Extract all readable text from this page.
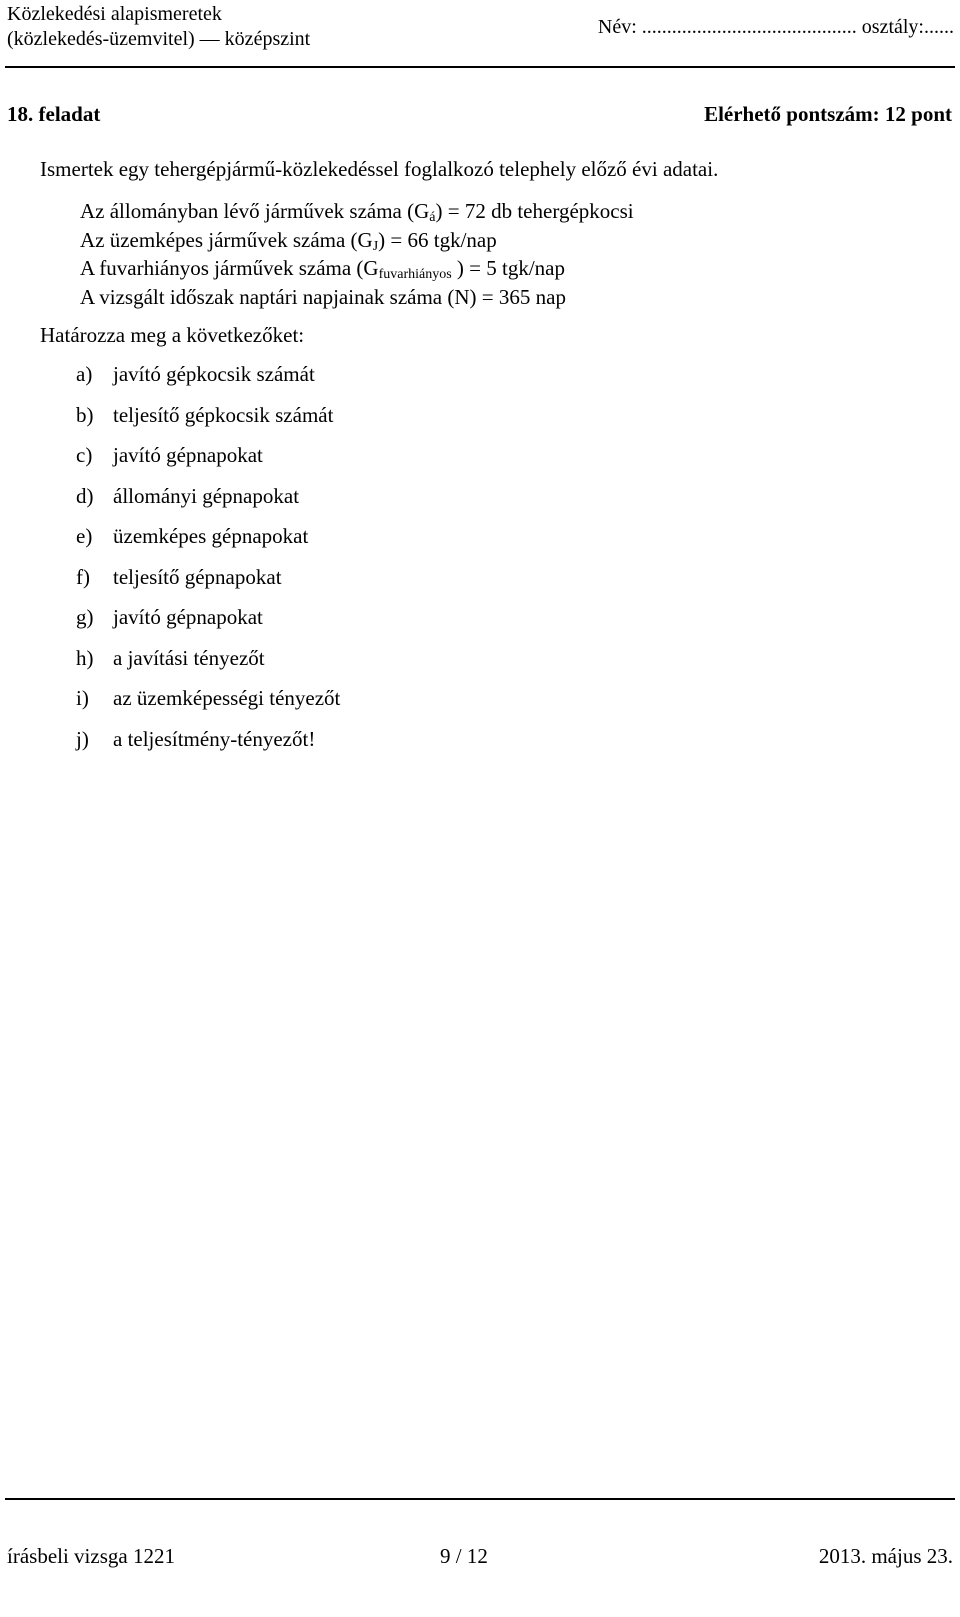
Közlekedési alapismeretek
(közlekedés-üzemvitel) — középszint
Név: ........................................... osztály:......
18. feladat	Elérhető pontszám: 12 pont
Ismertek egy tehergépjármű-közlekedéssel foglalkozó telephely előző évi adatai.
Az állományban lévő járművek száma $(G_á) = 72$ db tehergépkocsi
Az üzemképes járművek száma $(G_J) = 66$ tgk/nap
A fuvarhiányos járművek száma ($G_{fuvarhiányos}$ ) = 5 tgk/nap
A vizsgált időszak naptári napjainak száma (N) = 365 nap
Határozza meg a következőket:
a) javító gépkocsik számát
b) teljesítő gépkocsik számát
c) javító gépnapokat
d) állományi gépnapokat
e) üzemképes gépnapokat
f)	teljesítő gépnapokat
g) javító gépnapokat
h) a javítási tényezőt
i)	az üzemképességi tényezőt
j)	a teljesítmény-tényezőt!
írásbeli vizsga 1221	9 / 12	2013. május 23.
